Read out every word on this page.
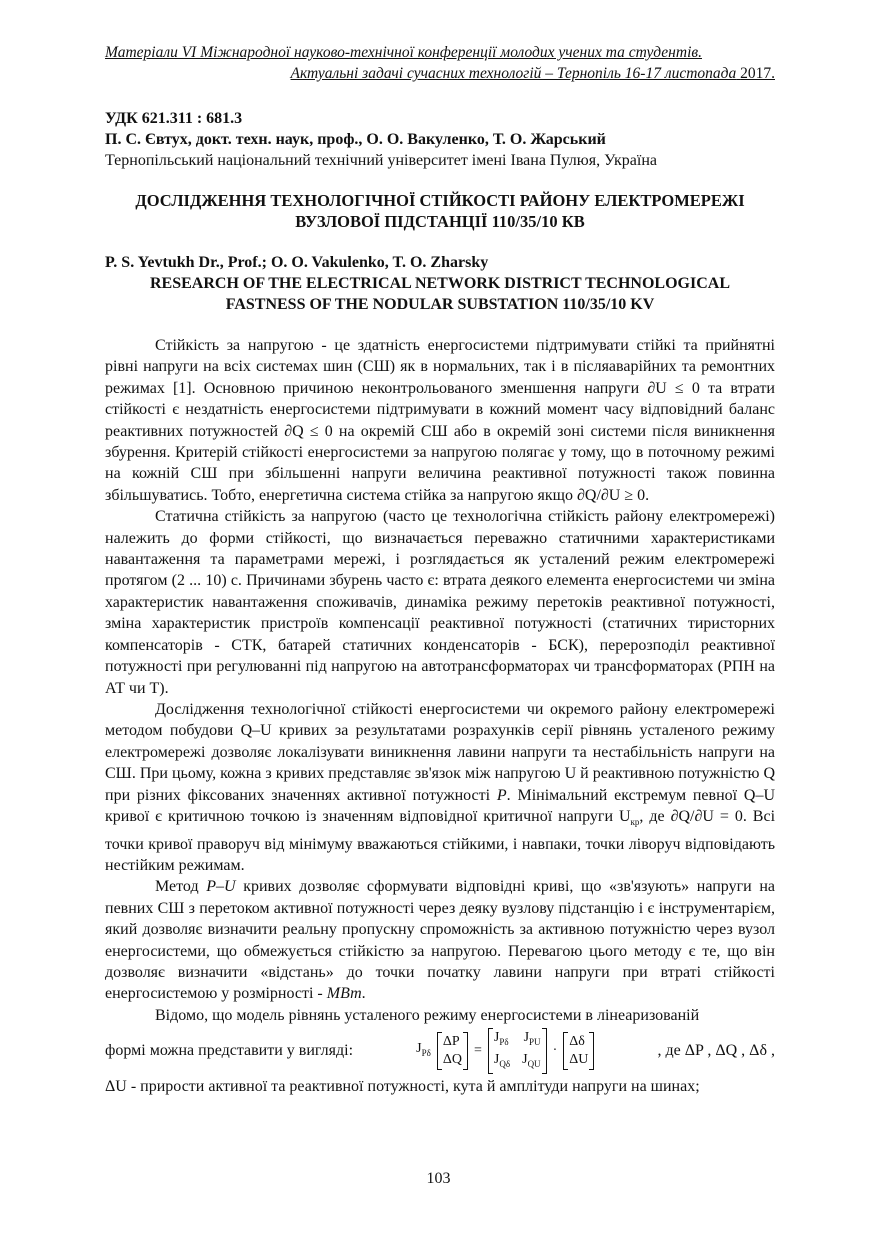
Матеріали VI Міжнародної науково-технічної конференції молодих учених та студентів.
Актуальні задачі сучасних технологій – Тернопіль 16-17 листопада 2017.
УДК 621.311 : 681.3
П. С. Євтух, докт. техн. наук, проф., О. О. Вакуленко, Т. О. Жарський
Тернопільський національний технічний університет імені Івана Пулюя, Україна
ДОСЛІДЖЕННЯ ТЕХНОЛОГІЧНОЇ СТІЙКОСТІ РАЙОНУ ЕЛЕКТРОМЕРЕЖІ
ВУЗЛОВОЇ ПІДСТАНЦІЇ 110/35/10 КВ
P. S. Yevtukh Dr., Prof.; O. O. Vakulenko, T. O. Zharsky
RESEARCH OF THE ELECTRICAL NETWORK DISTRICT TECHNOLOGICAL
FASTNESS OF THE NODULAR SUBSTATION 110/35/10 KV

Стійкість за напругою - це здатність енергосистеми підтримувати стійкі та прийнятні рівні напруги на всіх системах шин (СШ) як в нормальних, так і в післяаварійних та ремонтних режимах [1]. Основною причиною неконтрольованого зменшення напруги ∂U ≤ 0 та втрати стійкості є нездатність енергосистеми підтримувати в кожний момент часу відповідний баланс реактивних потужностей ∂Q ≤ 0 на окремій СШ або в окремій зоні системи після виникнення збурення. Критерій стійкості енергосистеми за напругою полягає у тому, що в поточному режимі на кожній СШ при збільшенні напруги величина реактивної потужності також повинна збільшуватись. Тобто, енергетична система стійка за напругою якщо ∂Q/∂U ≥ 0.

Статична стійкість за напругою (часто це технологічна стійкість району електромережі) належить до форми стійкості, що визначається переважно статичними характеристиками навантаження та параметрами мережі, і розглядається як усталений режим електромережі протягом (2 ... 10) с. Причинами збурень часто є: втрата деякого елемента енергосистеми чи зміна характеристик навантаження споживачів, динаміка режиму перетоків реактивної потужності, зміна характеристик пристроїв компенсації реактивної потужності (статичних тиристорних компенсаторів - СТК, батарей статичних конденсаторів - БСК), перерозподіл реактивної потужності при регулюванні під напругою на автотрансформаторах чи трансформаторах (РПН на АТ чи Т).

Дослідження технологічної стійкості енергосистеми чи окремого району електромережі методом побудови Q–U кривих за результатами розрахунків серії рівнянь усталеного режиму електромережі дозволяє локалізувати виникнення лавини напруги та нестабільність напруги на СШ. При цьому, кожна з кривих представляє зв'язок між напругою U й реактивною потужністю Q при різних фіксованих значеннях активної потужності P. Мінімальний екстремум певної Q–U кривої є критичною точкою із значенням відповідної критичної напруги $U_{кр}$, де ∂Q/∂U = 0. Всі точки кривої праворуч від мінімуму вважаються стійкими, і навпаки, точки ліворуч відповідають нестійким режимам.

Метод P–U кривих дозволяє сформувати відповідні криві, що «зв'язують» напруги на певних СШ з перетоком активної потужності через деяку вузлову підстанцію і є інструментарієм, який дозволяє визначити реальну пропускну спроможність за активною потужністю через вузол енергосистеми, що обмежується стійкістю за напругою. Перевагою цього методу є те, що він дозволяє визначити «відстань» до точки початку лавини напруги при втраті стійкості енергосистемою у розмірності - МВт.

Відомо, що модель рівнянь усталеного режиму енергосистеми в лінеаризованій

формі можна представити у вигляді:	$J_{P\delta}$
ΔP
ΔQ
=
$J_{P\delta}$ $J_{PU}$
$J_{Q\delta}$ $J_{QU}$
·
Δδ
ΔU
, де ΔP , ΔQ , Δδ ,

ΔU - прирости активної та реактивної потужності, кута й амплітуди напруги на шинах;

103
